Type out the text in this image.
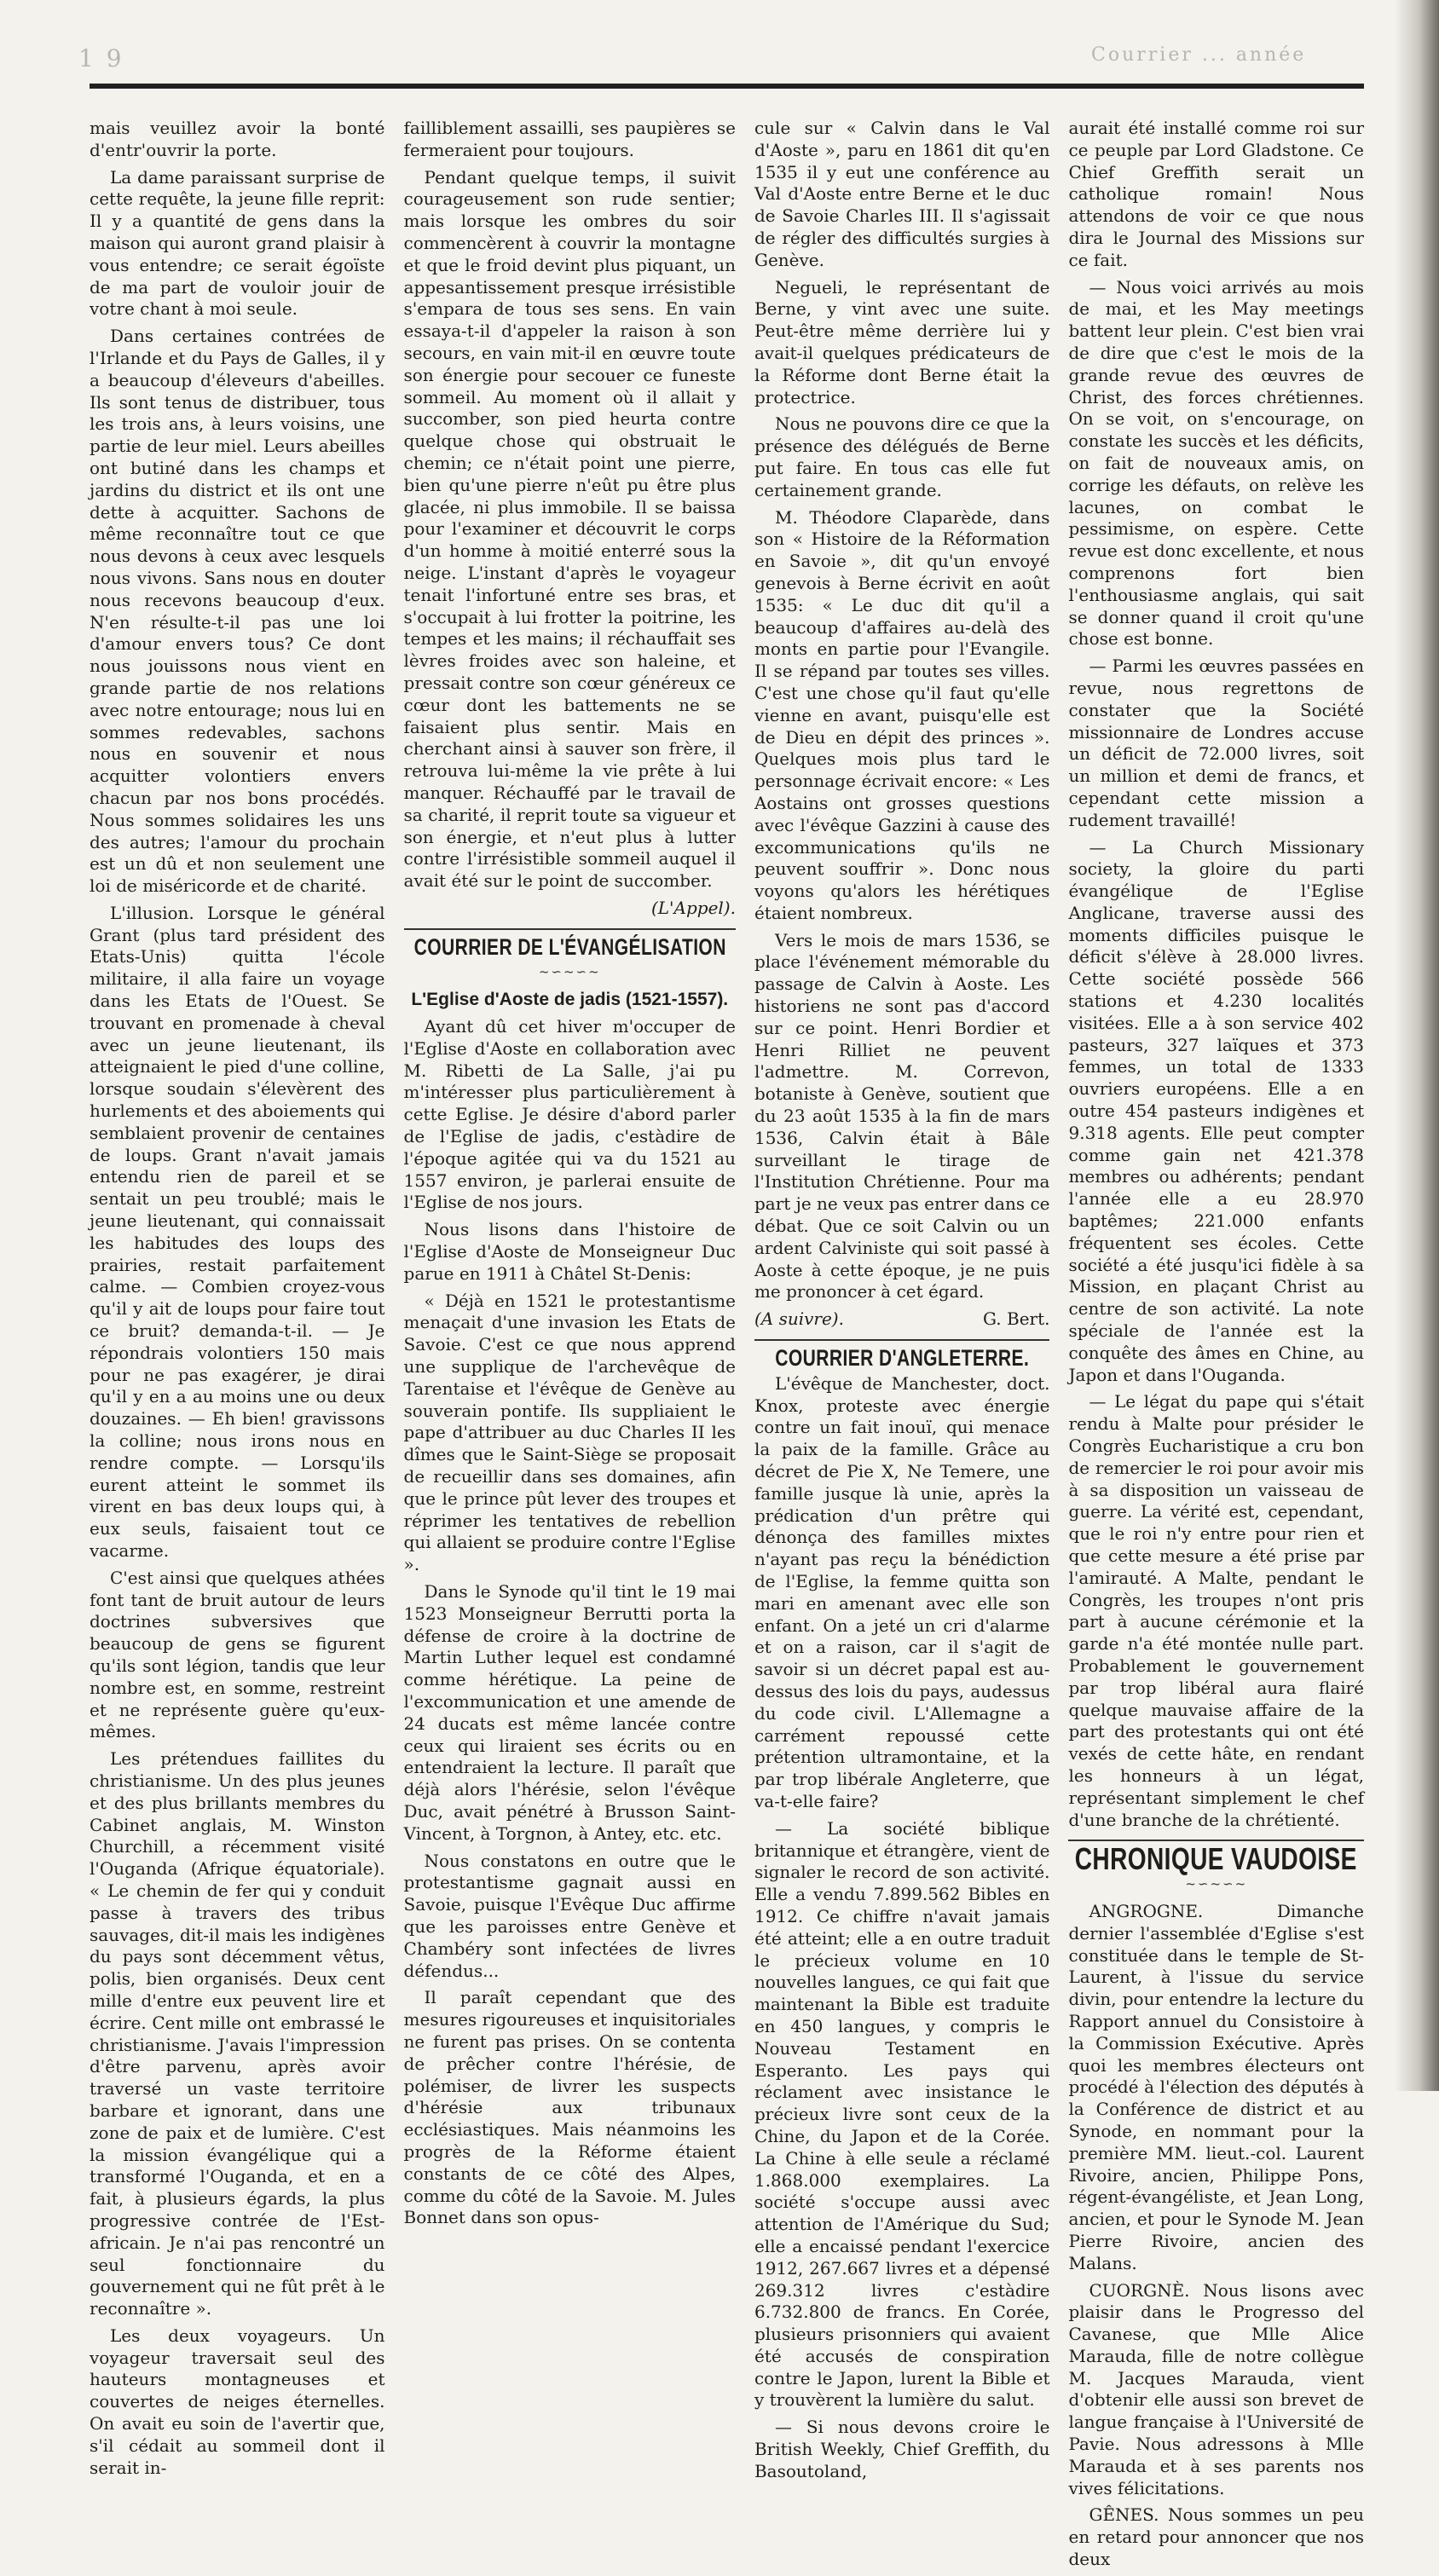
1 9	Courrier ... année

mais veuillez avoir la bonté d'entr'ouvrir la porte.

La dame paraissant surprise de cette requête, la jeune fille reprit: Il y a quantité de gens dans la maison qui auront grand plaisir à vous entendre; ce serait égoïste de ma part de vouloir jouir de votre chant à moi seule.

Dans certaines contrées de l'Irlande et du Pays de Galles, il y a beaucoup d'éleveurs d'abeilles. Ils sont tenus de distribuer, tous les trois ans, à leurs voisins, une partie de leur miel. Leurs abeilles ont butiné dans les champs et jardins du district et ils ont une dette à acquitter. Sachons de même reconnaître tout ce que nous devons à ceux avec lesquels nous vivons. Sans nous en douter nous recevons beaucoup d'eux. N'en résulte-t-il pas une loi d'amour envers tous? Ce dont nous jouissons nous vient en grande partie de nos relations avec notre entourage; nous lui en sommes redevables, sachons nous en souvenir et nous acquitter volontiers envers chacun par nos bons procédés. Nous sommes solidaires les uns des autres; l'amour du prochain est un dû et non seulement une loi de miséricorde et de charité.

L'illusion. Lorsque le général Grant (plus tard président des Etats-Unis) quitta l'école militaire, il alla faire un voyage dans les Etats de l'Ouest. Se trouvant en promenade à cheval avec un jeune lieutenant, ils atteignaient le pied d'une colline, lorsque soudain s'élevèrent des hurlements et des aboiements qui semblaient provenir de centaines de loups. Grant n'avait jamais entendu rien de pareil et se sentait un peu troublé; mais le jeune lieutenant, qui connaissait les habitudes des loups des prairies, restait parfaitement calme. — Combien croyez-vous qu'il y ait de loups pour faire tout ce bruit? demanda-t-il. — Je répondrais volontiers 150 mais pour ne pas exagérer, je dirai qu'il y en a au moins une ou deux douzaines. — Eh bien! gravissons la colline; nous irons nous en rendre compte. — Lorsqu'ils eurent atteint le sommet ils virent en bas deux loups qui, à eux seuls, faisaient tout ce vacarme.

C'est ainsi que quelques athées font tant de bruit autour de leurs doctrines subversives que beaucoup de gens se figurent qu'ils sont légion, tandis que leur nombre est, en somme, restreint et ne représente guère qu'eux-mêmes.

Les prétendues faillites du christianisme. Un des plus jeunes et des plus brillants membres du Cabinet anglais, M. Winston Churchill, a récemment visité l'Ouganda (Afrique équatoriale). « Le chemin de fer qui y conduit passe à travers des tribus sauvages, dit-il mais les indigènes du pays sont décemment vêtus, polis, bien organisés. Deux cent mille d'entre eux peuvent lire et écrire. Cent mille ont embrassé le christianisme. J'avais l'impression d'être parvenu, après avoir traversé un vaste territoire barbare et ignorant, dans une zone de paix et de lumière. C'est la mission évangélique qui a transformé l'Ouganda, et en a fait, à plusieurs égards, la plus progressive contrée de l'Est-africain. Je n'ai pas rencontré un seul fonctionnaire du gouvernement qui ne fût prêt à le reconnaître ».

Les deux voyageurs. Un voyageur traversait seul des hauteurs montagneuses et couvertes de neiges éternelles. On avait eu soin de l'avertir que, s'il cédait au sommeil dont il serait in-

failliblement assailli, ses paupières se fermeraient pour toujours.

Pendant quelque temps, il suivit courageusement son rude sentier; mais lorsque les ombres du soir commencèrent à couvrir la montagne et que le froid devint plus piquant, un appesantissement presque irrésistible s'empara de tous ses sens. En vain essaya-t-il d'appeler la raison à son secours, en vain mit-il en œuvre toute son énergie pour secouer ce funeste sommeil. Au moment où il allait y succomber, son pied heurta contre quelque chose qui obstruait le chemin; ce n'était point une pierre, bien qu'une pierre n'eût pu être plus glacée, ni plus immobile. Il se baissa pour l'examiner et découvrit le corps d'un homme à moitié enterré sous la neige. L'instant d'après le voyageur tenait l'infortuné entre ses bras, et s'occupait à lui frotter la poitrine, les tempes et les mains; il réchauffait ses lèvres froides avec son haleine, et pressait contre son cœur généreux ce cœur dont les battements ne se faisaient plus sentir. Mais en cherchant ainsi à sauver son frère, il retrouva lui-même la vie prête à lui manquer. Réchauffé par le travail de sa charité, il reprit toute sa vigueur et son énergie, et n'eut plus à lutter contre l'irrésistible sommeil auquel il avait été sur le point de succomber.

(L'Appel).
COURRIER DE L'ÉVANGÉLISATION
~∽~∽~
L'Eglise d'Aoste de jadis (1521-1557).

Ayant dû cet hiver m'occuper de l'Eglise d'Aoste en collaboration avec M. Ribetti de La Salle, j'ai pu m'intéresser plus particulièrement à cette Eglise. Je désire d'abord parler de l'Eglise de jadis, c'estàdire de l'époque agitée qui va du 1521 au 1557 environ, je parlerai ensuite de l'Eglise de nos jours.

Nous lisons dans l'histoire de l'Eglise d'Aoste de Monseigneur Duc parue en 1911 à Châtel St-Denis:

« Déjà en 1521 le protestantisme menaçait d'une invasion les Etats de Savoie. C'est ce que nous apprend une supplique de l'archevêque de Tarentaise et l'évêque de Genève au souverain pontife. Ils suppliaient le pape d'attribuer au duc Charles II les dîmes que le Saint-Siège se proposait de recueillir dans ses domaines, afin que le prince pût lever des troupes et réprimer les tentatives de rebellion qui allaient se produire contre l'Eglise ».

Dans le Synode qu'il tint le 19 mai 1523 Monseigneur Berrutti porta la défense de croire à la doctrine de Martin Luther lequel est condamné comme hérétique. La peine de l'excommunication et une amende de 24 ducats est même lancée contre ceux qui liraient ses écrits ou en entendraient la lecture. Il paraît que déjà alors l'hérésie, selon l'évêque Duc, avait pénétré à Brusson Saint-Vincent, à Torgnon, à Antey, etc. etc.

Nous constatons en outre que le protestantisme gagnait aussi en Savoie, puisque l'Evêque Duc affirme que les paroisses entre Genève et Chambéry sont infectées de livres défendus...

Il paraît cependant que des mesures rigoureuses et inquisitoriales ne furent pas prises. On se contenta de prêcher contre l'hérésie, de polémiser, de livrer les suspects d'hérésie aux tribunaux ecclésiastiques. Mais néanmoins les progrès de la Réforme étaient constants de ce côté des Alpes, comme du côté de la Savoie. M. Jules Bonnet dans son opus-

cule sur « Calvin dans le Val d'Aoste », paru en 1861 dit qu'en 1535 il y eut une conférence au Val d'Aoste entre Berne et le duc de Savoie Charles III. Il s'agissait de régler des difficultés surgies à Genève.

Negueli, le représentant de Berne, y vint avec une suite. Peut-être même derrière lui y avait-il quelques prédicateurs de la Réforme dont Berne était la protectrice.

Nous ne pouvons dire ce que la présence des délégués de Berne put faire. En tous cas elle fut certainement grande.

M. Théodore Claparède, dans son « Histoire de la Réformation en Savoie », dit qu'un envoyé genevois à Berne écrivit en août 1535: « Le duc dit qu'il a beaucoup d'affaires au-delà des monts en partie pour l'Evangile. Il se répand par toutes ses villes. C'est une chose qu'il faut qu'elle vienne en avant, puisqu'elle est de Dieu en dépit des princes ». Quelques mois plus tard le personnage écrivait encore: « Les Aostains ont grosses questions avec l'évêque Gazzini à cause des excommunications qu'ils ne peuvent souffrir ». Donc nous voyons qu'alors les hérétiques étaient nombreux.

Vers le mois de mars 1536, se place l'événement mémorable du passage de Calvin à Aoste. Les historiens ne sont pas d'accord sur ce point. Henri Bordier et Henri Rilliet ne peuvent l'admettre. M. Correvon, botaniste à Genève, soutient que du 23 août 1535 à la fin de mars 1536, Calvin était à Bâle surveillant le tirage de l'Institution Chrétienne. Pour ma part je ne veux pas entrer dans ce débat. Que ce soit Calvin ou un ardent Calviniste qui soit passé à Aoste à cette époque, je ne puis me prononcer à cet égard.

(A suivre).	G. Bert.
COURRIER D'ANGLETERRE.

L'évêque de Manchester, doct. Knox, proteste avec énergie contre un fait inouï, qui menace la paix de la famille. Grâce au décret de Pie X, Ne Temere, une famille jusque là unie, après la prédication d'un prêtre qui dénonça des familles mixtes n'ayant pas reçu la bénédiction de l'Eglise, la femme quitta son mari en amenant avec elle son enfant. On a jeté un cri d'alarme et on a raison, car il s'agit de savoir si un décret papal est au-dessus des lois du pays, audessus du code civil. L'Allemagne a carrément repoussé cette prétention ultramontaine, et la par trop libérale Angleterre, que va-t-elle faire?

— La société biblique britannique et étrangère, vient de signaler le record de son activité. Elle a vendu 7.899.562 Bibles en 1912. Ce chiffre n'avait jamais été atteint; elle a en outre traduit le précieux volume en 10 nouvelles langues, ce qui fait que maintenant la Bible est traduite en 450 langues, y compris le Nouveau Testament en Esperanto. Les pays qui réclament avec insistance le précieux livre sont ceux de la Chine, du Japon et de la Corée. La Chine à elle seule a réclamé 1.868.000 exemplaires. La société s'occupe aussi avec attention de l'Amérique du Sud; elle a encaissé pendant l'exercice 1912, 267.667 livres et a dépensé 269.312 livres c'estàdire 6.732.800 de francs. En Corée, plusieurs prisonniers qui avaient été accusés de conspiration contre le Japon, lurent la Bible et y trouvèrent la lumière du salut.

— Si nous devons croire le British Weekly, Chief Greffith, du Basoutoland,

aurait été installé comme roi sur ce peuple par Lord Gladstone. Ce Chief Greffith serait un catholique romain! Nous attendons de voir ce que nous dira le Journal des Missions sur ce fait.

— Nous voici arrivés au mois de mai, et les May meetings battent leur plein. C'est bien vrai de dire que c'est le mois de la grande revue des œuvres de Christ, des forces chrétiennes. On se voit, on s'encourage, on constate les succès et les déficits, on fait de nouveaux amis, on corrige les défauts, on relève les lacunes, on combat le pessimisme, on espère. Cette revue est donc excellente, et nous comprenons fort bien l'enthousiasme anglais, qui sait se donner quand il croit qu'une chose est bonne.

— Parmi les œuvres passées en revue, nous regrettons de constater que la Société missionnaire de Londres accuse un déficit de 72.000 livres, soit un million et demi de francs, et cependant cette mission a rudement travaillé!

— La Church Missionary society, la gloire du parti évangélique de l'Eglise Anglicane, traverse aussi des moments difficiles puisque le déficit s'élève à 28.000 livres. Cette société possède 566 stations et 4.230 localités visitées. Elle a à son service 402 pasteurs, 327 laïques et 373 femmes, un total de 1333 ouvriers européens. Elle a en outre 454 pasteurs indigènes et 9.318 agents. Elle peut compter comme gain net 421.378 membres ou adhérents; pendant l'année elle a eu 28.970 baptêmes; 221.000 enfants fréquentent ses écoles. Cette société a été jusqu'ici fidèle à sa Mission, en plaçant Christ au centre de son activité. La note spéciale de l'année est la conquête des âmes en Chine, au Japon et dans l'Ouganda.

— Le légat du pape qui s'était rendu à Malte pour présider le Congrès Eucharistique a cru bon de remercier le roi pour avoir mis à sa disposition un vaisseau de guerre. La vérité est, cependant, que le roi n'y entre pour rien et que cette mesure a été prise par l'amirauté. A Malte, pendant le Congrès, les troupes n'ont pris part à aucune cérémonie et la garde n'a été montée nulle part. Probablement le gouvernement par trop libéral aura flairé quelque mauvaise affaire de la part des protestants qui ont été vexés de cette hâte, en rendant les honneurs à un légat, représentant simplement le chef d'une branche de la chrétienté.

CHRONIQUE VAUDOISE
~∽~∽~

ANGROGNE. Dimanche dernier l'assemblée d'Eglise s'est constituée dans le temple de St-Laurent, à l'issue du service divin, pour entendre la lecture du Rapport annuel du Consistoire à la Commission Exécutive. Après quoi les membres électeurs ont procédé à l'élection des députés à la Conférence de district et au Synode, en nommant pour la première MM. lieut.-col. Laurent Rivoire, ancien, Philippe Pons, régent-évangéliste, et Jean Long, ancien, et pour le Synode M. Jean Pierre Rivoire, ancien des Malans.

CUORGNÈ. Nous lisons avec plaisir dans le Progresso del Cavanese, que Mlle Alice Marauda, fille de notre collègue M. Jacques Marauda, vient d'obtenir elle aussi son brevet de langue française à l'Université de Pavie. Nous adressons à Mlle Marauda et à ses parents nos vives félicitations.

GÊNES. Nous sommes un peu en retard pour annoncer que nos deux
